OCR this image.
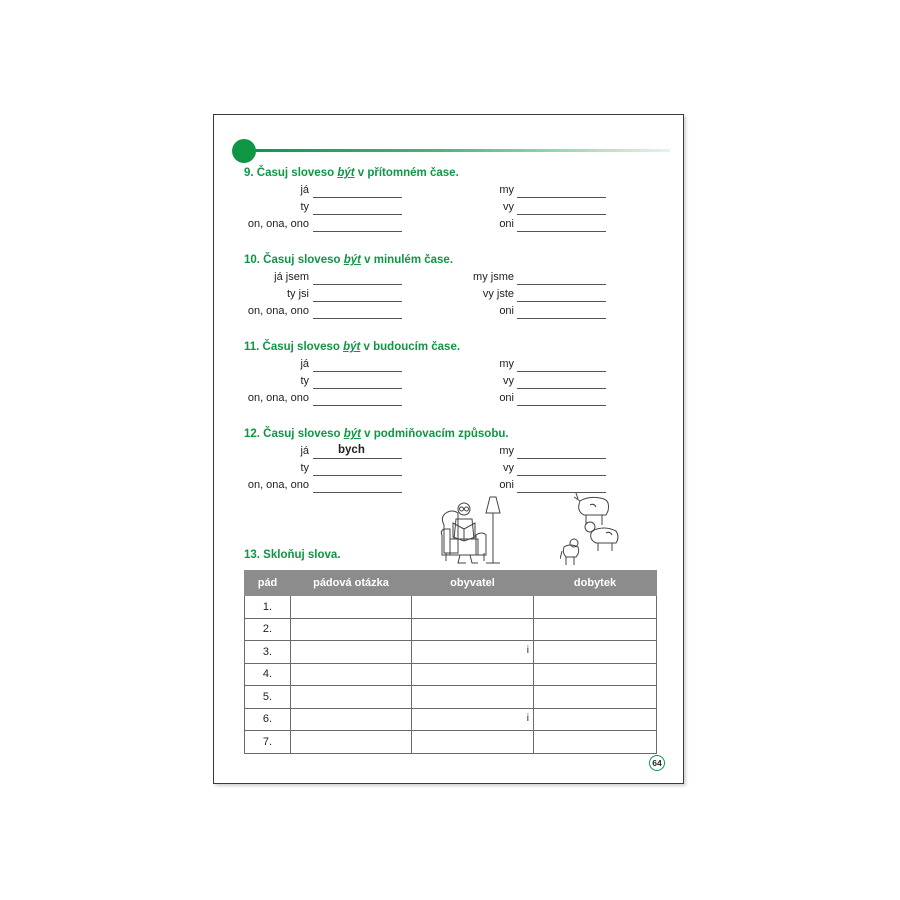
9. Časuj sloveso být v přítomném čase.
já	my
ty	vy
on, ona, ono	oni
10. Časuj sloveso být v minulém čase.
já jsem	my jsme
ty jsi	vy jste
on, ona, ono	oni
11. Časuj sloveso být v budoucím čase.
já	my
ty	vy
on, ona, ono	oni
12. Časuj sloveso být v podmiňovacím způsobu.
já	bych	my
ty	vy
on, ona, ono	oni
13. Skloňuj slova.
pád	pádová otázka	obyvatel	dobytek
1.			
2.			
3.		i	

4.			
5.			
6.		i	

7.			
64
